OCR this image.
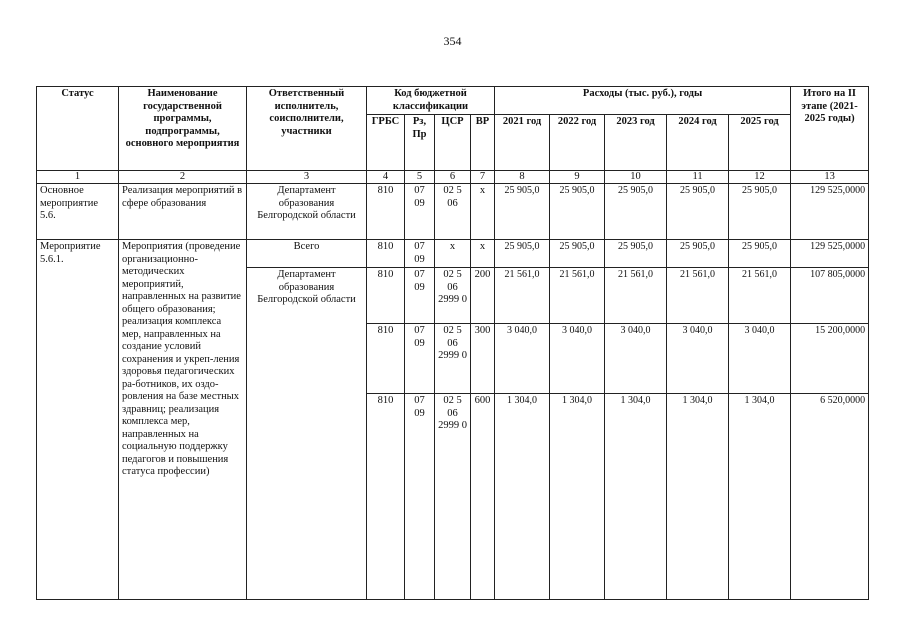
354
Статус	Наименование государственной программы, подпрограммы, основного мероприятия	Ответственный исполнитель, соисполнители, участники	Код бюджетной классификации				Расходы (тыс. руб.), годы					Итого на II этапе (2021-2025 годы)
			ГРБС	Рз, Пр	ЦСР	ВР	2021 год	2022 год	2023 год	2024 год	2025 год	
1	2	3	4	5	6	7	8	9	10	11	12	13
Основное мероприятие 5.6.	Реализация мероприятий в сфере образования	Департамент образования Белгородской области	810	07 09	02 5 06	х	25 905,0	25 905,0	25 905,0	25 905,0	25 905,0	129 525,0000
Мероприятие 5.6.1.	Мероприятия (проведение организационно-методических мероприятий, направленных на развитие общего образования; реализация комплекса мер, направленных на создание условий сохранения и укреп-ления здоровья педагогических ра-ботников, их оздо-ровления на базе местных здравниц; реализация комплекса мер, направленных на социальную поддержку педагогов и повышения статуса профессии)	Всего	810	07 09	х	х	25 905,0	25 905,0	25 905,0	25 905,0	25 905,0	129 525,0000
		Департамент образования Белгородской области	810	07 09	02 5 06 2999 0	200	21 561,0	21 561,0	21 561,0	21 561,0	21 561,0	107 805,0000
			810	07 09	02 5 06 2999 0	300	3 040,0	3 040,0	3 040,0	3 040,0	3 040,0	15 200,0000
			810	07 09	02 5 06 2999 0	600	1 304,0	1 304,0	1 304,0	1 304,0	1 304,0	6 520,0000
